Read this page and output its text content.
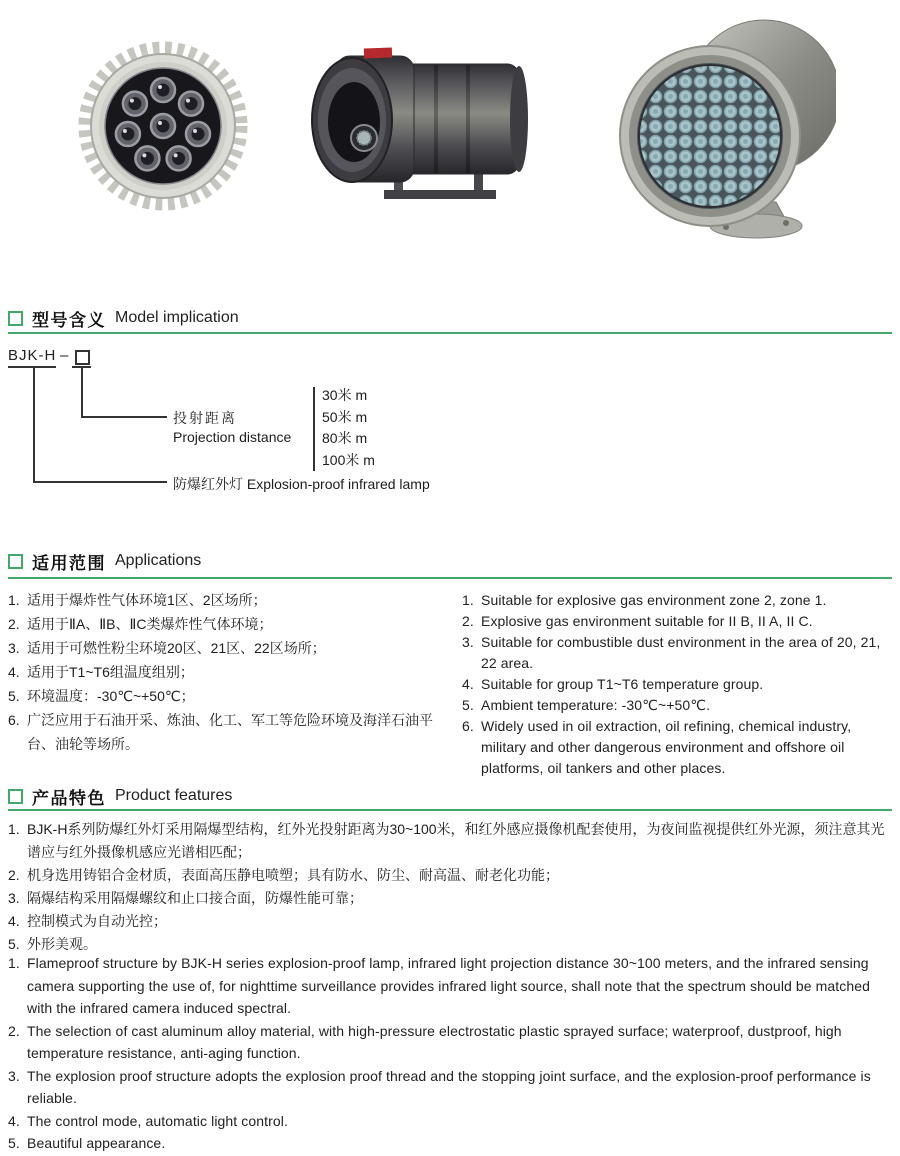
型号含义 Model implication
BJK-H –
投射距离
Projection distance
30米 m
50米 m
80米 m
100米 m
防爆红外灯 Explosion-proof infrared lamp
适用范围 Applications
1. 适用于爆炸性气体环境1区、2区场所；
2. 适用于ⅡA、ⅡB、ⅡC类爆炸性气体环境；
3. 适用于可燃性粉尘环境20区、21区、22区场所；
4. 适用于T1~T6组温度组别；
5. 环境温度：-30℃~+50℃；
6. 广泛应用于石油开采、炼油、化工、军工等危险环境及海洋石油平台、油轮等场所。
1. Suitable for explosive gas environment zone 2, zone 1.
2. Explosive gas environment suitable for II B, II A, II C.
3. Suitable for combustible dust environment in the area of 20, 21, 22 area.
4. Suitable for group T1~T6 temperature group.
5. Ambient temperature: -30℃~+50℃.
6. Widely used in oil extraction, oil refining, chemical industry, military and other dangerous environment and offshore oil platforms, oil tankers and other places.
产品特色 Product features
1. BJK-H系列防爆红外灯采用隔爆型结构，红外光投射距离为30~100米，和红外感应摄像机配套使用，为夜间监视提供红外光源，须注意其光谱应与红外摄像机感应光谱相匹配；
2. 机身选用铸铝合金材质，表面高压静电喷塑；具有防水、防尘、耐高温、耐老化功能；
3. 隔爆结构采用隔爆螺纹和止口接合面，防爆性能可靠；
4. 控制模式为自动光控；
5. 外形美观。
1. Flameproof structure by BJK-H series explosion-proof lamp, infrared light projection distance 30~100 meters, and the infrared sensing camera supporting the use of, for nighttime surveillance provides infrared light source, shall note that the spectrum should be matched with the infrared camera induced spectral.
2. The selection of cast aluminum alloy material, with high-pressure electrostatic plastic sprayed surface; waterproof, dustproof, high temperature resistance, anti-aging function.
3. The explosion proof structure adopts the explosion proof thread and the stopping joint surface, and the explosion-proof performance is reliable.
4. The control mode, automatic light control.
5. Beautiful appearance.
